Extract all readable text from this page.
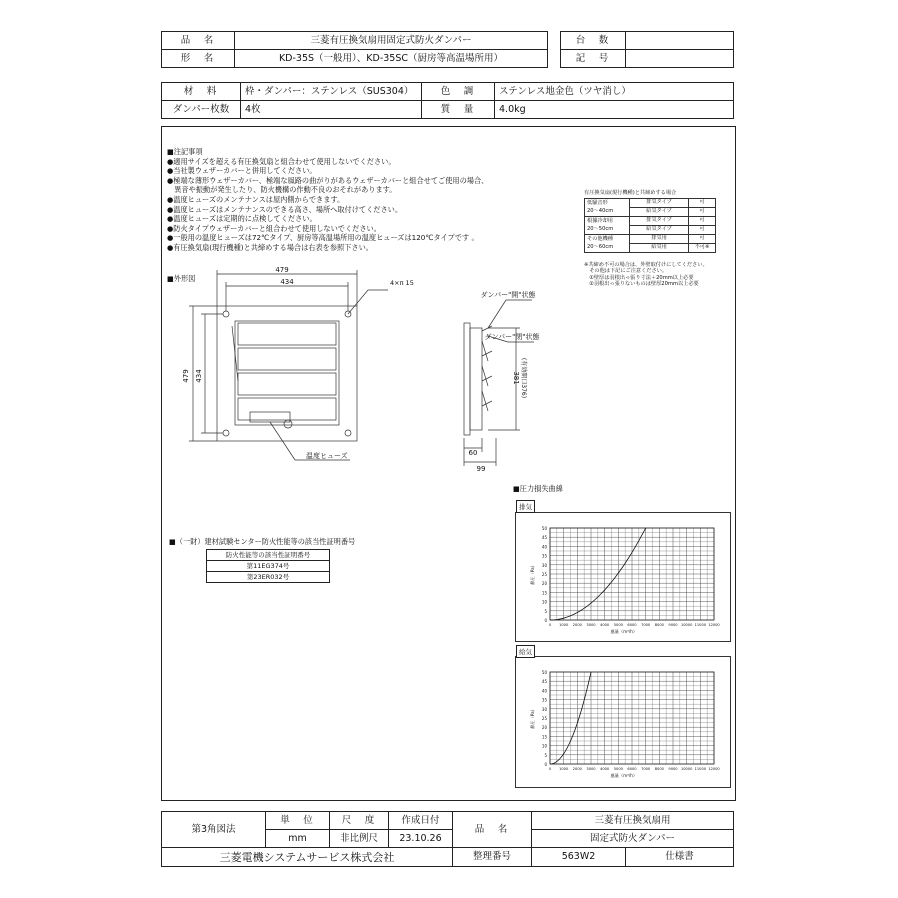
品　名	三菱有圧換気扇用固定式防火ダンパー
形　名	KD-35S（一般用）、KD-35SC（厨房等高温場所用）
台　数	
記　号	
材　料	枠・ダンパー：ステンレス（SUS304）	色　調	ステンレス地金色（ツヤ消し）
ダンパー枚数	4枚	質　量	4.0kg
■注記事項
●適用サイズを超える有圧換気扇と組合わせて使用しないでください。
●当社製ウェザーカバーと併用してください。
●極端な薄形ウェザーカバー、極端な風路の曲がりがあるウェザーカバーと組合せてご使用の場合、
　異音や振動が発生したり、防火機構の作動不良のおそれがあります。
●温度ヒューズのメンテナンスは屋内側からできます。
●温度ヒューズはメンテナンスのできる高さ、場所へ取付けてください。
●温度ヒューズは定期的に点検してください。
●防火タイプウェザーカバーと組合わせて使用しないでください。
●一般用の温度ヒューズは72℃タイプ、厨房等高温場所用の温度ヒューズは120℃タイプです 。
●有圧換気扇(現行機種)と共締めする場合は右表を参照下さい。
有圧換気扇(現行機種)と共締めする場合
低騒音形	排気タイプ	可
20〜40cm	給気タイプ	可
根據冷却用	排気タイプ	可
20〜50cm	給気タイプ	可
その他機種	排気用	可
20〜60cm	給気用	不可※
※共締め不可の場合は、外壁取付けにしてください。
　その他は下記にご注意ください。
　①壁厚は羽根出っ張り寸法＋20mm以上必要
　②羽根出っ張りないものは壁厚20mm以上必要
■外形図
479
434	4×π 15
479 434
温度ヒューズ
ダンパー"開"状態
ダンパー"閉"状態
381 (有効開口376)
60
99
■（一財）建材試験センター防火性能等の該当性証明番号
防火性能等の該当性証明番号
第11EG374号
第23ER032号
■圧力損失曲線
排気
0
5
10
15
20
25
30
35
40
45
50
0 1000 2000 3000 4000 5000 6000 7000 8000 9000 10000 11000 12000
静圧（Pa）
風量（m³/h）
給気
0
5
10
15
20
25
30
35
40
45
50
0 1000 2000 3000 4000 5000 6000 7000 8000 9000 10000 11000 12000
静圧（Pa）
風量（m³/h）
第3角図法	単　位	尺　度	作成日付	品　名	三菱有圧換気扇用	
	mm	非比例尺	23.10.26		固定式防火ダンパー	
三菱電機システムサービス株式会社				整理番号	563W2	仕様書
